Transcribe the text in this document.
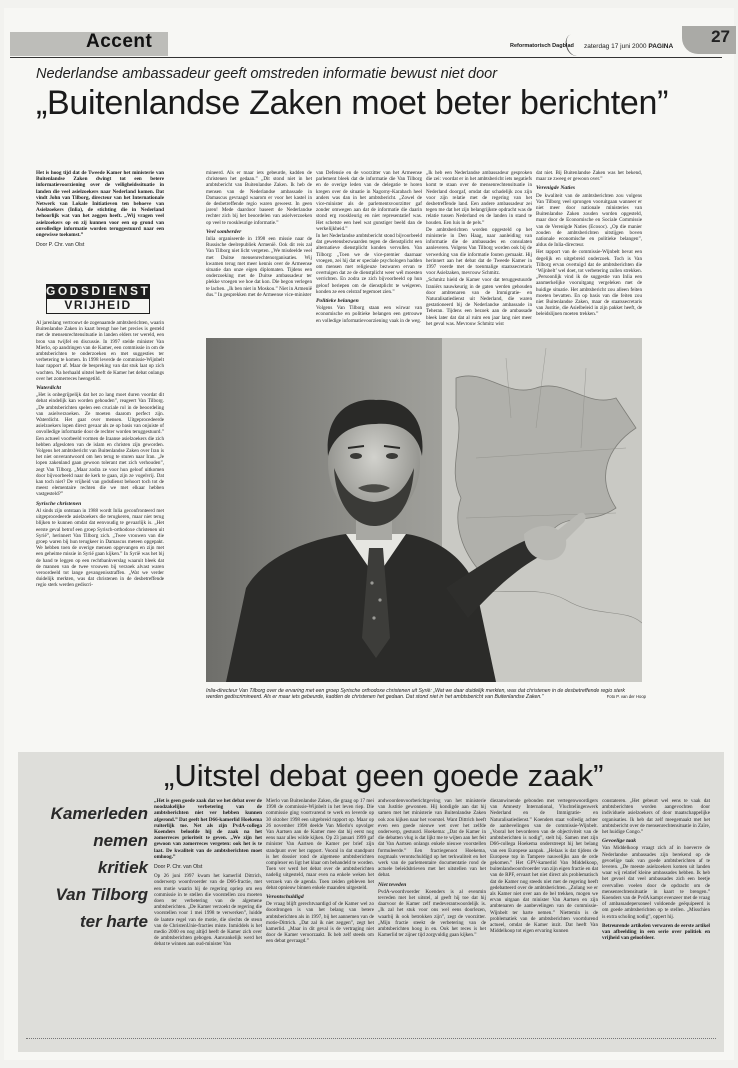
Accent	Reformatorisch Dagblad zaterdag 17 juni 2000 PAGINA
27
Nederlandse ambassadeur geeft omstreden informatie bewust niet door
„Buitenlandse Zaken moet beter berichten”

Het is hoog tijd dat de Tweede Kamer het ministerie van Buitenlandse Zaken dwingt tot een betere informatievoorziening over de veiligheidssituatie in landen die veel asielzoekers naar Nederland komen. Dat vindt John van Tilborg, directeur van het Internationale Netwerk van Lokale Initiatieven ten behoeve van Asielzoekers (Inlia), de stichting die in Nederland behoorlijk wat van het zeggen heeft. „Wij vragen veel asielzoekers op en zij kunnen voor een op grond van onvolledige informatie worden teruggestuurd naar een ongewisse toekomst.”

Door P. Chr. van Olst

GODSDIENST
VRIJHEID

Al jarenlang vertrouwt de zogenaamde ambtsberichten, waarin Buitenlandse Zaken in kaart brengt hoe het precies is gesteld met de mensenrechtensituatie in landen elders ter wereld, een bron van twijfel en discussie. In 1997 stelde minister Van Mierlo, op aandringen van de Kamer, een commissie in om de ambtsberichten te onderzoeken en met suggesties ter verbetering te komen. In 1998 leverde de commissie-Wijnbelt haar rapport af. Maar de bespreking van dat stuk laat op zich wachten. Na herhaald uitstel heeft de Kamer het debat onlangs over het zomerreces heengetild.

Waterdicht

„Het is onbegrijpelijk dat het zo lang moet duren voordat dit debat eindelijk kan worden gehouden”, reageert Van Tilborg. „De ambtsberichten spelen een cruciale rol in de beoordeling van asielverzoeken. Ze moeten daarom perfect zijn. Waterdicht. Het gaat over mensen. Uitgeprocedeerde asielzoekers lopen direct gevaar als ze op basis van onjuiste of onvolledige informatie door de rechter worden teruggestuurd.” Een actueel voorbeeld vormen de Iraanse asielzoekers die zich hebben afgesloten van de islam en christen zijn geworden. Volgens het ambtsbericht van Buitenlandse Zaken over Iran is het niet onverantwoord om hen terug te sturen naar Iran. „Je lopen zakenland gaan gewoon tolerant met zich verhouden”, zegt Van Tilborg. „Maar zodra ze voor hun geloof uitkomen door bijvoorbeeld naar de kerk te gaan, zijn ze vogelvrij. Dat kan toch niet? De vrijheid van godsdienst behoort toch tot de meest elementaire rechten die we met elkaar hebben vastgesteld?”

Syrische christenen

Al sinds zijn ontstaan in 1988 wordt Inlia geconfronteerd met uitgeprocedeerde asielzoekers die terugkeren, maar niet terug blijken te kunnen omdat dat eenvoudig te gevaarlijk is. „Het eerste geval betrof een groep Syrisch-orthodoxe christenen uit Syrië”, herinnert Van Tilborg zich. „Twee vrouwen van die groep waren bij hun terugkeer in Damascus meteen opgepakt. We hebben toen de overige mensen opgevangen en zijn met een geheime missie in Syrië gaan kijken.” In Syrië was het bij de hand te leggen op een rechtbankverslag waaruit bleek dat de mannen van de twee vrouwen bij verzoek alvast waren veroordeeld tot lange gevangenisstraffen. „Wat we verder duidelijk merkten, was dat christenen in de desbetreffende regio sterk werden gediscri-

mineerd. Als er maar iets gebeurde, kadden de christenen het gedaan.” „Dit stond niet in het ambtsbericht van Buitenlandse Zaken. Ik heb de mensen van de Nederlandse ambassade in Damascus gevraagd waarom er voor het kastel in de desbetreffende regio waren geweest. In geen jaren! Mede daardoor baseert de Nederlandse rechter zich bij het beoordelen van asielverzoeken op veel te rooskleurige informatie.”

Veel somberder

Inlia organiseerde in 1998 een missie naar de Russische deelrepubliek Armenië. Ook dit reis zal Van Tilborg niet licht vergeten. „We misdeelde veel met Duitse mensenrechtenorganisaties. Wij kwamen terug met meer kennis over de Armeense situatie dan onze eigen diplomaten. Tijdens een onderzoeking met de Duitse ambassadeur ter plekke vroegen we hoe dat kon. Die begon verlegen te lachen. „Ik ben niet in Moskou.” Niet in Armenië dus.” In gesprekken met de Armeense vice-minister

van Defensie en de voorzitter van het Armeense parlement bleek dat de informatie die Van Tilborg en de overige leden van de delegatie te horen kregen over de situatie in Nagorny-Karabach heel anders was dan in het ambtsbericht. „Zowel de vice-minister als de parlementsvoorzitter gaf zonder omwegen aan dat de informatie die daarin stond erg rooskleurig en niet representatief was. Het schetste een heel wat gunstiger beeld dan de werkelijkheid.”

In het Nederlandse ambtsbericht stond bijvoorbeeld dat gewetensbezwaarden tegen de dienstplicht een alternatieve dienstplicht konden vervullen. Van Tilborg: „Toen we de vice-premier daarnaar vroegen, zei hij dat er speciale psychologen hadden om mensen met religieuze bezwaren ervan te overtuigen dat ze de dienstplicht weer wél moesten verrichten. En zodra ze zich bijvoorbeeld op hun geloof beriepen om de dienstplicht te weigeren, konden ze een celstraf tegemoet zien.”

Politieke belangen

Volgens Van Tilborg staan een wirwar van economische en politieke belangen een getrouwe en volledige informatievoorziening vaak in de weg.

„Ik heb een Nederlandse ambassadeur gesproken die zei: voordat er in het ambtsbericht iets negatiefs komt te staan over de mensenrechtensituatie in Nederland doorgaf, omdat dat schadelijk zou zijn voor zijn relatie met de regering van het desbetreffende land. Een andere ambassadeur zei tegen me dat het zijn belangrijkste opdracht was de relatie tussen Nederland en de landen in stand te houden. Een luis in de pels.”

De ambtsberichten worden opgesteld op het ministerie in Den Haag, naar aanleiding van informatie die de ambassades en consulaten aanleveren. Volgens Van Tilborg worden ook bij de verwerking van die informatie fouten gemaakt. Hij herinnert aan het debat dat de Tweede Kamer in 1997 voerde met de toenmalige staatssecretaris voor Asielzaken, mevrouw Schmitz.

„Schmitz hield de Kamer voor dat teruggestuurde Iraniërs nauwkeurig in de gaten werden gehouden door ambtenaren van de Immigratie- en Naturalisatiedienst uit Nederland, die waren gestationeerd bij de Nederlandse ambassade in Teheran. Tijdens een bezoek aan de ambassade bleek later dat dat al ruim een jaar lang niet meer het geval was. Mevrouw Schmitz wist

dat niet. Bij Buitenlandse Zaken was het bekend, maar ze zweeg er gewoon over.”

Verenigde Naties

De kwaliteit van de ambtsberichten zou volgens Van Tilborg veel sprongen vooruitgaan wanneer er niet meer door nationale ministeries van Buitenlandse Zaken zouden worden opgesteld, maar door de Economische en Sociale Commissie van de Verenigde Naties (Ecosoc). „Op die manier zouden de ambtsberichten uitstijgen boven nationale economische en politieke belangen”, aldus de Inlia-directeur.

Het rapport van de commissie-Wijnbelt bevat een degelijk en uitgebreid onderzoek. Toch is Van Tilborg ervan overtuigd dat de ambtsberichten die ‘Wijnbelt’ wel doet, tot verbetering zullen strekken. „Persoonlijk vind ik de suggestie van Inlia een aanmerkelijke vooruitgang vergeleken met de huidige situatie. Het ambtsbericht zou alleen feiten moeten bevatten. En op basis van die feiten zou niet Buitenlandse Zaken, maar de staatssecretaris van Justitie, die Asielbeleid in zijn pakket heeft, de beleidslijnen moeten trekken.”

Inlia-directeur Van Tilborg over de ervaring met een groep Syrische orthodoxe christenen uit Syrië: „Wat we daar duidelijk merkten, was dat christenen in de desbetreffende regio sterk werden gediscrimineerd. Als er maar iets gebeurde, kadden de christenen het gedaan. Dat stond niet in het ambtsbericht van Buitenlandse Zaken.”	Foto P. van der Hoop
„Uitstel debat geen goede zaak”
Kamerleden
nemen
kritiek
Van Tilborg
ter harte

„Het is geen goede zaak dat we het debat over de noodzakelijke verbetering van de ambtsberichten niet ver hebben kunnen afgerond.” Dat geeft het D66-kamerlid Hoekema ruiterlijk toe. Net als zijn PvdA-collega Koenders beloofde hij de zaak na het zomerreces prioriteit te geven. „We zijn het gewoon van zomerreces vergeten: ook het is te laat. De kwaliteit van de ambtsberichten moet omhoog.”

Door P. Chr. van Olst

Op 26 juni 1997 kwam het kamerlid Dittrich, onderwerp woordvoerder van de D66-fractie, met een motie waarin hij de regering opriep om een commissie in te stellen die voorstellen zou moeten doen ter verbetering van de algemene ambtsberichten. „De Kamer verzoekt de regering die voorstellen voor 1 mei 1998 te verwerken”, luidde de laatste regel van de motie, die slechts de steun van de ChristenUnie-fracties miste. Inmiddels is het medio 2000 en nog altijd heeft de Kamer zich over de ambtsberichten gebogen. Aanvankelijk werd het debat te winnen aan oud-minister Van

Mierlo van Buitenlandse Zaken, die graag op 17 mei 1998 de commissie-Wijnbelt in het leven riep. Die commissie ging voortvarend te werk en leverde op 30 oktober 1998 een uitgebreid rapport op. Maar op 26 november 1998 deelde Van Mierlo's opvolger Van Aartsen aan de Kamer mee dat hij eerst nog eens naar alles wilde kijken. Op 23 januari 1999 gaf minister Van Aartsen de Kamer per brief zijn standpunt over het rapport. Vooral in dat standpunt is het dossier rond de algemene ambtsberichten complexer en ligt het klaar om behandeld te worden. Toen ver werd het debat over de ambtsberichten nadelig uitgesteld, maar even na enkele weken het verzoek van de agenda. Toen zeiden gebleven het debat opnieuw binnen enkele maanden uitgesteld.

Verontschuldigd

De vraag blijft gerechtvaardigd of de Kamer wel zo doordrongen is van het belang van betere ambtsberichten als in 1997, bij het aannemen van de motie-Dittrich. „Dat zal ik niet zeggen”, zegt het kamerlid. „Maar in dit geval is de vertraging niet door de Kamer veroorzaakt. Ik heb zelf steeds om een debat gevraagd.”

andwoordenvoorberichtgeving van het ministerie van Justitie gewonnen. Hij kondigde aan dat hij samen met het ministerie van Buitenlandse Zaken ook zou kijken naar het voorstel. Want Dittrich heeft even een goede nieuwe wet over het zelfde onderwerp, gestuurd. Hoekema: „Dat de Kamer in die debatten vlug is dat lijkt me te wijten aan het feit dat Van Aartsen onlangs enkele nieuwe voorstellen formuleerde.” Een fractiegenoot Hoekema, nogmaals verontschuldigd op het terkwaliteit en het werk van de parlementaire documentatie rond de actuele beleidsbrieven met het uitstellen van het debat.

Niet teveden

PvdA-woordvoerder Koenders is al evenmin tevreden met het uitstel, al geeft hij toe dat hij daarvoor de Kamer zelf medeverantwoordelijk is. „Ik zal het stuk voor ons wel eens doorlezen, waarbij ik ook betrokken zijn”, zegt de voorzitter. „Mijn fractie steekt de verbetering van de ambtsberichten hoog in en. Ook het reces is het Kamerlid ter zijner tijd zorgvuldig gaan kijken.”

diezanwinende gebonden met vertegenwoordigers van Amnesty International, Vluchtelingenwerk Nederland en de Immigratie- en Naturalisatiedienst.” Koenders staat volledig achter de aanbevelingen van de commissie-Wijnbelt. „Vooral het bevorderen van de objectiviteit van de ambtsberichten is nodig”, stelt hij. Samen met zijn D66-collega Hoekema onderstreept hij het belang van een Europese aanpak. „Helaas is dat tijdens de Europese top in Tampere nauwelijks aan de orde gekomen.” Het GPV-kamerlid Van Middelkoop, buitenlandwoordvoerder van zijn eigen fractie en dat van de RPF, ervaart het niet direct als problematisch dat de Kamer nog steeds niet met de regering heeft gedebatteerd over de ambtsberichten. „Zolang we er als Kamer niet over aan de bel trekken, mogen we ervan uitgaan dat minister Van Aartsen en zijn ambtenaren de aanbevelingen van de commissie-Wijnbelt ter harte nemen.” Niettemin is de problematiek van de ambtsberichten voortdurend actueel, omdat de Kamer inzit. Dat heeft Van Middelkoop tot eigen ervaring kunnen

constateren. „Het gebeurt wel eens te vaak dat ambtsberichten worden aangevochten door individuele asielzoekers of door maatschappelijke organisaties. Ik heb dat zelf meegemaakt met het ambtsbericht over de mensenrechtensituatie in Zaïre, het huidige Congo.”

Gevoelige taak

Van Middelkoop vraagt zich af in hoeverre de Nederlandse ambassades zijn berekend op de gevoelige taak van goede ambtsberichten af te leveren. „De meeste asielzoekers komen uit landen waar wij relatief kleine ambassades hebben. Ik heb het gevoel dat veel ambassades zich een beetje overvallen voelen door de opdracht om de mensenrechtensituatie in kaart te brengen.” Koenders van de PvdA kampt evenzeer met de vraag of ambassadepersoneel voldoende geëquipeerd is om goede ambtsberichten op te stellen. „Misschien is extra scholing nodig”, oppert hij.

Betreurende artikelen verwaren de eerste artikel van afbeelding in een serie over politiek en vrijheid van geloofsleer.
